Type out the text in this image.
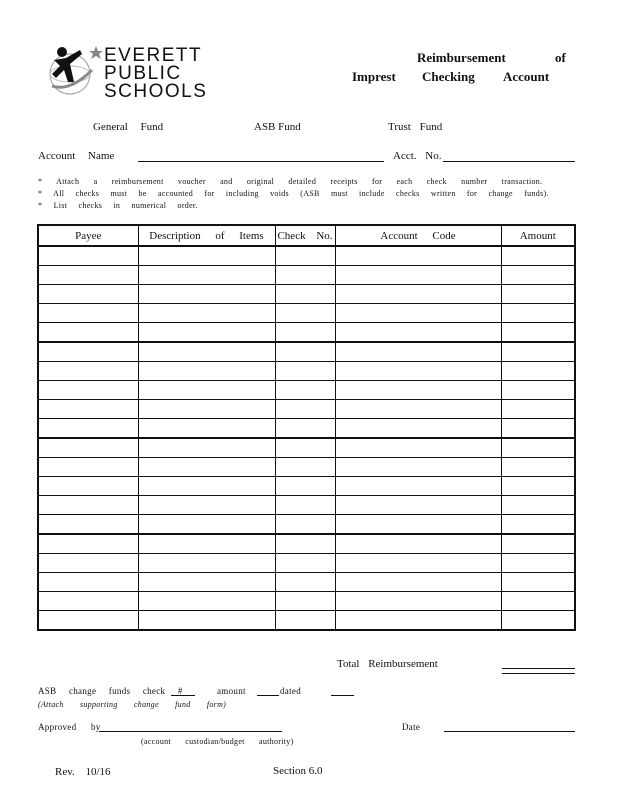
EVERETT
PUBLIC
SCHOOLS
Reimbursement	of
Imprest Checking Account
General Fund	ASB Fund	Trust Fund
Account Name	Acct. No.
* Attach a reimbursement voucher and original detailed receipts for each check number transaction.
* All checks must be accounted for including voids (ASB must include checks written for change funds).
* List checks in numerical order.
Payee	Description of Items	Check No.	Account Code	Amount

Total Reimbursement
ASB change funds check #	amount	dated
(Attach supporting change fund form)
Approved by	Date
(account custodian/budget authority)
Rev. 10/16	Section 6.0
